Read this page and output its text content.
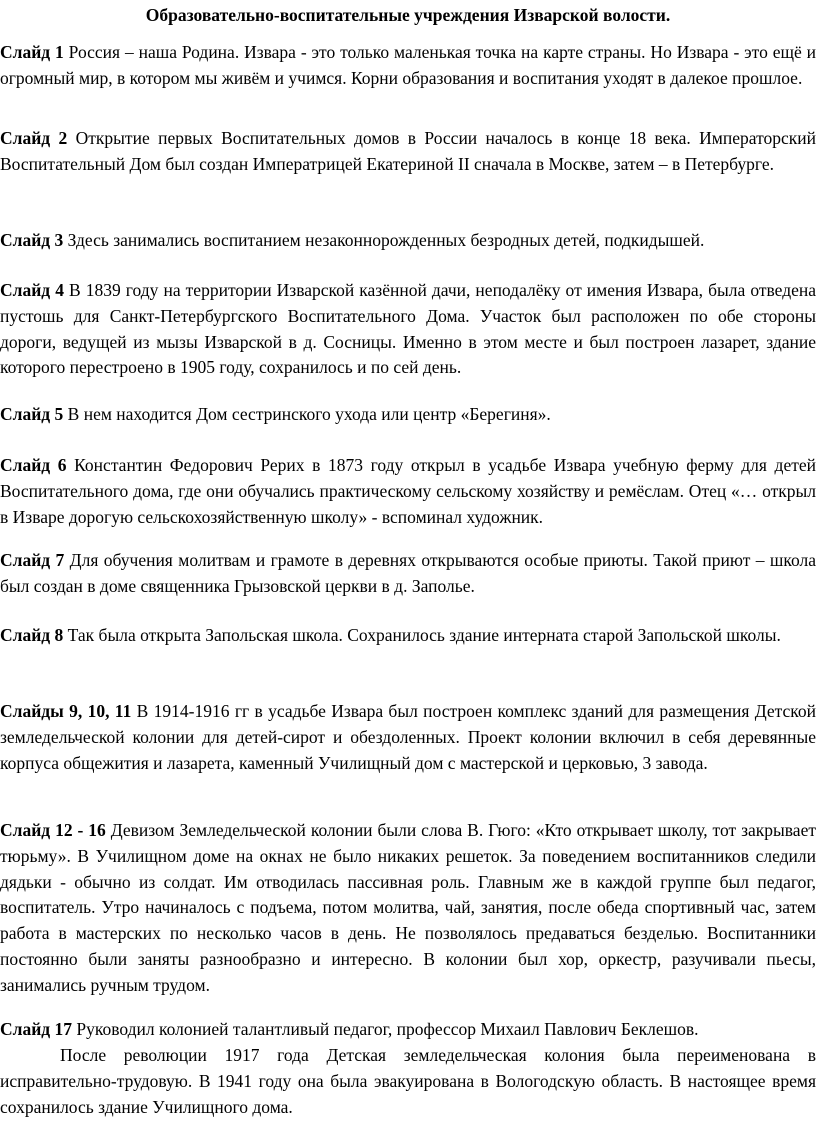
Образовательно-воспитательные учреждения Изварской волости.

Слайд 1 Россия – наша Родина. Извара - это только маленькая точка на карте страны. Но Извара - это ещё и огромный мир, в котором мы живём и учимся. Корни образования и воспитания уходят в далекое прошлое.

Слайд 2 Открытие первых Воспитательных домов в России началось в конце 18 века. Императорский Воспитательный Дом был создан Императрицей Екатериной II сначала в Москве, затем – в Петербурге.

Слайд 3 Здесь занимались воспитанием незаконнорожденных безродных детей, подкидышей.

Слайд 4 В 1839 году на территории Изварской казённой дачи, неподалёку от имения Извара, была отведена пустошь для Санкт-Петербургского Воспитательного Дома. Участок был расположен по обе стороны дороги, ведущей из мызы Изварской в д. Сосницы. Именно в этом месте и был построен лазарет, здание которого перестроено в 1905 году, сохранилось и по сей день.

Слайд 5 В нем находится Дом сестринского ухода или центр «Берегиня».

Слайд 6 Константин Федорович Рерих в 1873 году открыл в усадьбе Извара учебную ферму для детей Воспитательного дома, где они обучались практическому сельскому хозяйству и ремёслам. Отец «… открыл в Изваре дорогую сельскохозяйственную школу» - вспоминал художник.

Слайд 7 Для обучения молитвам и грамоте в деревнях открываются особые приюты. Такой приют – школа был создан в доме священника Грызовской церкви в д. Заполье.

Слайд 8 Так была открыта Запольская школа. Сохранилось здание интерната старой Запольской школы.

Слайды 9, 10, 11 В 1914-1916 гг в усадьбе Извара был построен комплекс зданий для размещения Детской земледельческой колонии для детей-сирот и обездоленных. Проект колонии включил в себя деревянные корпуса общежития и лазарета, каменный Училищный дом с мастерской и церковью, 3 завода.

Слайд 12 - 16 Девизом Земледельческой колонии были слова В. Гюго: «Кто открывает школу, тот закрывает тюрьму». В Училищном доме на окнах не было никаких решеток. За поведением воспитанников следили дядьки - обычно из солдат. Им отводилась пассивная роль. Главным же в каждой группе был педагог, воспитатель. Утро начиналось с подъема, потом молитва, чай, занятия, после обеда спортивный час, затем работа в мастерских по несколько часов в день. Не позволялось предаваться безделью. Воспитанники постоянно были заняты разнообразно и интересно. В колонии был хор, оркестр, разучивали пьесы, занимались ручным трудом.

Слайд 17 Руководил колонией талантливый педагог, профессор Михаил Павлович Беклешов.

После революции 1917 года Детская земледельческая колония была переименована в исправительно-трудовую. В 1941 году она была эвакуирована в Вологодскую область. В настоящее время сохранилось здание Училищного дома.
